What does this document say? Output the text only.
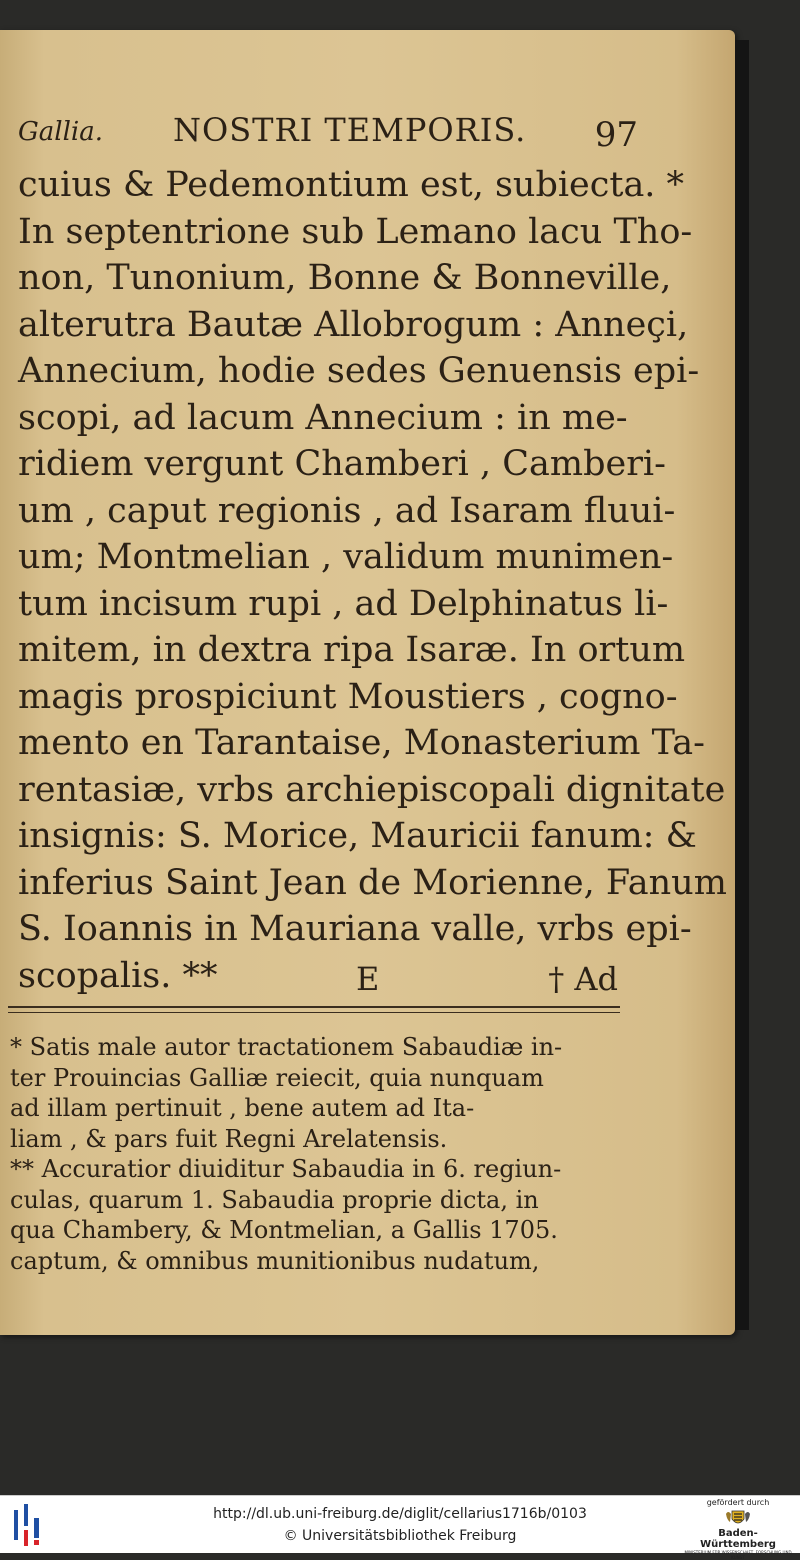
Gallia. NOSTRI TEMPORIS. 97
cuius & Pedemontium est, subiecta. *
In septentrione sub Lemano lacu Tho-
non, Tunonium, Bonne & Bonneville,
alterutra Bautæ Allobrogum : Anneçi,
Annecium, hodie sedes Genuensis epi-
scopi, ad lacum Annecium : in me-
ridiem vergunt Chamberi , Camberi-
um , caput regionis , ad Isaram fluui-
um; Montmelian , validum munimen-
tum incisum rupi , ad Delphinatus li-
mitem, in dextra ripa Isaræ. In ortum
magis prospiciunt Moustiers , cogno-
mento en Tarantaise, Monasterium Ta-
rentasiæ, vrbs archiepiscopali dignitate
insignis: S. Morice, Mauricii fanum: &
inferius Saint Jean de Morienne, Fanum
S. Ioannis in Mauriana valle, vrbs epi-
scopalis. **	E	† Ad
* Satis male autor tractationem Sabaudiæ in-
ter Prouincias Galliæ reiecit, quia nunquam
ad illam pertinuit , bene autem ad Ita-
liam , & pars fuit Regni Arelatensis.
** Accuratior diuiditur Sabaudia in 6. regiun-
culas, quarum 1. Sabaudia proprie dicta, in
qua Chambery, & Montmelian, a Gallis 1705.
captum, & omnibus munitionibus nudatum,
http://dl.ub.uni-freiburg.de/diglit/cellarius1716b/0103
© Universitätsbibliothek Freiburg
gefördert durch
Baden-Württemberg
MINISTERIUM FÜR WISSENSCHAFT, FORSCHUNG UND KUNST
